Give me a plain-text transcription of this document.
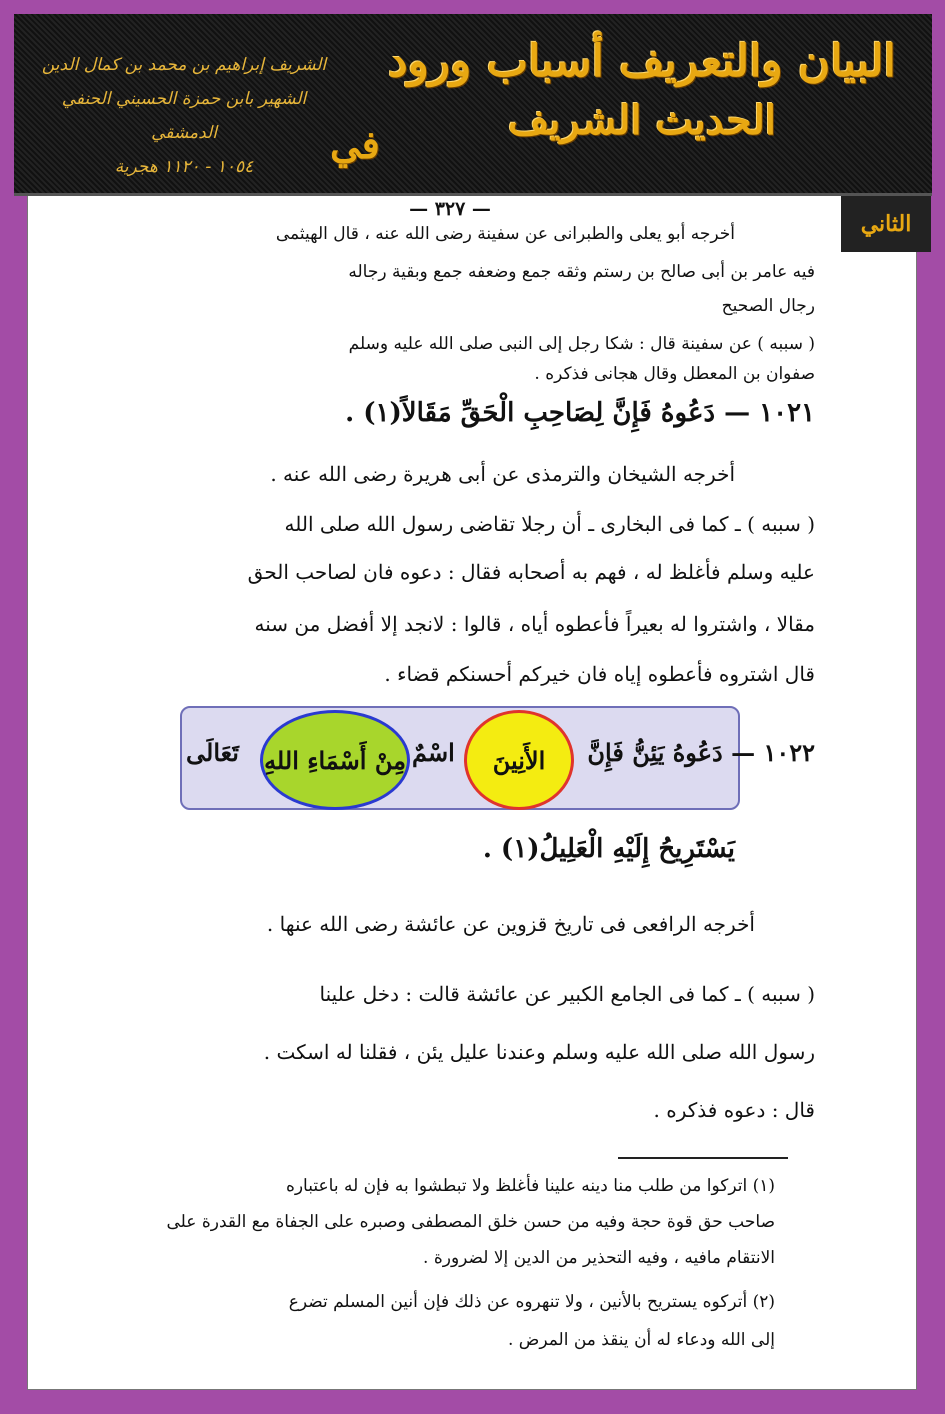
البيان والتعريف أسباب ورود
الحديث الشريف
في
الشريف إبراهيم بن محمد بن كمال الدين
الشهير بابن حمزة الحسيني الحنفي الدمشقي
١٠٥٤ - ١١٢٠ هجرية
الثاني
— ٣٢٧ —
أخرجه أبو يعلى والطبرانى عن سفينة رضى الله عنه ، قال الهيثمى
فيه عامر بن أبى صالح بن رستم وثقه جمع وضعفه جمع وبقية رجاله
رجال الصحيح
( سببه ) عن سفينة قال : شكا رجل إلى النبى صلى الله عليه وسلم
صفوان بن المعطل وقال هجانى فذكره .
١٠٢١ — دَعُوهُ فَإِنَّ لِصَاحِبِ الْحَقِّ مَقَالاً(١) .
أخرجه الشيخان والترمذى عن أبى هريرة رضى الله عنه .
( سببه ) ـ كما فى البخارى ـ أن رجلا تقاضى رسول الله صلى الله
عليه وسلم فأغلظ له ، فهم به أصحابه فقال : دعوه فان لصاحب الحق
مقالا ، واشتروا له بعيراً فأعطوه أياه ، قالوا : لانجد إلا أفضل من سنه
قال اشتروه فأعطوه إياه فان خيركم أحسنكم قضاء .
الأَنِينَ
مِنْ أَسْمَاءِ اللهِ	١٠٢٢ — دَعُوهُ يَئِنُّ فَإِنَّ
اسْمٌ
تَعَالَى
يَسْتَرِيحُ إِلَيْهِ الْعَلِيلُ(١) .
أخرجه الرافعى فى تاريخ قزوين عن عائشة رضى الله عنها .
( سببه ) ـ كما فى الجامع الكبير عن عائشة قالت : دخل علينا
رسول الله صلى الله عليه وسلم وعندنا عليل يئن ، فقلنا له اسكت .
قال : دعوه فذكره .
(١) اتركوا من طلب منا دينه علينا فأغلظ ولا تبطشوا به فإن له باعتباره
صاحب حق قوة حجة وفيه من حسن خلق المصطفى وصبره على الجفاة مع القدرة على
الانتقام مافيه ، وفيه التحذير من الدين إلا لضرورة .
(٢) أتركوه يستريح بالأنين ، ولا تنهروه عن ذلك فإن أنين المسلم تضرع
إلى الله ودعاء له أن ينقذ من المرض .
